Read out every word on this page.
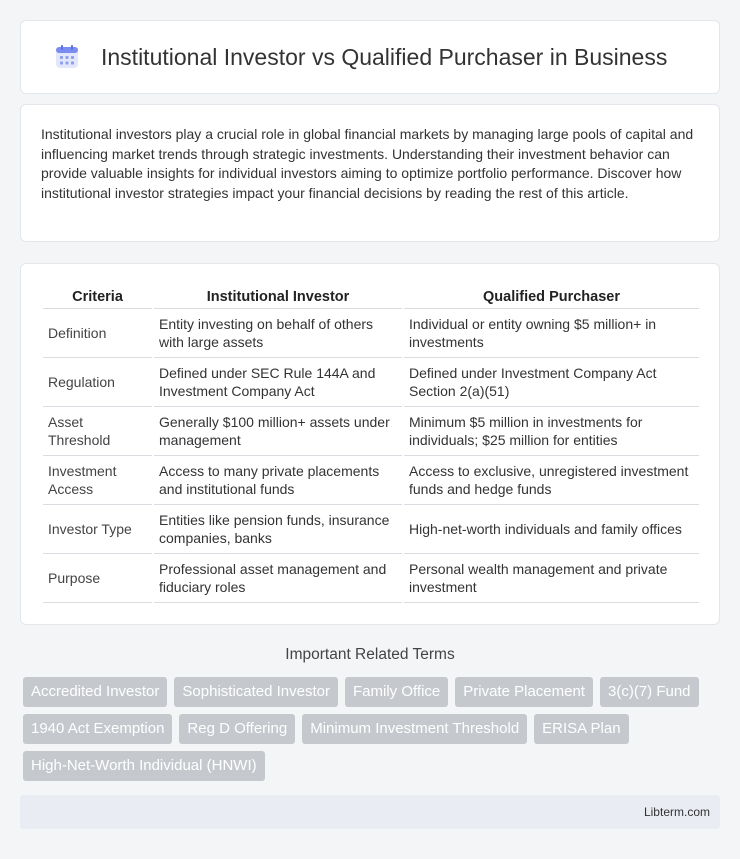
Institutional Investor vs Qualified Purchaser in Business

Institutional investors play a crucial role in global financial markets by managing large pools of capital and influencing market trends through strategic investments. Understanding their investment behavior can provide valuable insights for individual investors aiming to optimize portfolio performance. Discover how institutional investor strategies impact your financial decisions by reading the rest of this article.

Criteria	Institutional Investor	Qualified Purchaser
Definition	Entity investing on behalf of others with large assets	Individual or entity owning $5 million+ in investments
Regulation	Defined under SEC Rule 144A and Investment Company Act	Defined under Investment Company Act Section 2(a)(51)
Asset Threshold	Generally $100 million+ assets under management	Minimum $5 million in investments for individuals; $25 million for entities
Investment Access	Access to many private placements and institutional funds	Access to exclusive, unregistered investment funds and hedge funds
Investor Type	Entities like pension funds, insurance companies, banks	High-net-worth individuals and family offices
Purpose	Professional asset management and fiduciary roles	Personal wealth management and private investment
Important Related Terms
Accredited Investor	Sophisticated Investor	Family Office	Private Placement	3(c)(7) Fund
1940 Act Exemption	Reg D Offering	Minimum Investment Threshold	ERISA Plan
High-Net-Worth Individual (HNWI)
Libterm.com
